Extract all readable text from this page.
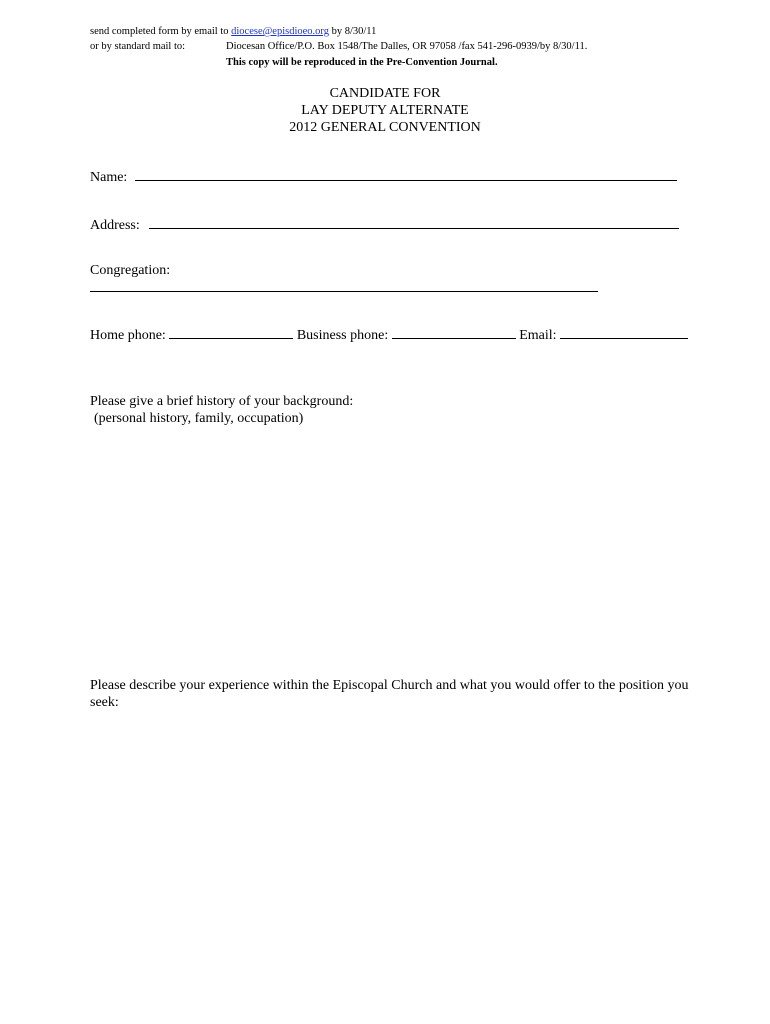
send completed form by email to diocese@episdioeo.org by 8/30/11
or by standard mail to:	Diocesan Office/P.O. Box 1548/The Dalles, OR 97058 /fax 541-296-0939/by 8/30/11.
This copy will be reproduced in the Pre-Convention Journal.
CANDIDATE FOR
LAY DEPUTY ALTERNATE
2012 GENERAL CONVENTION
Name:
Address:
Congregation:
Home phone:	Business phone:	Email:
Please give a brief history of your background:
(personal history, family, occupation)
Please describe your experience within the Episcopal Church and what you would offer to the position you
seek:
